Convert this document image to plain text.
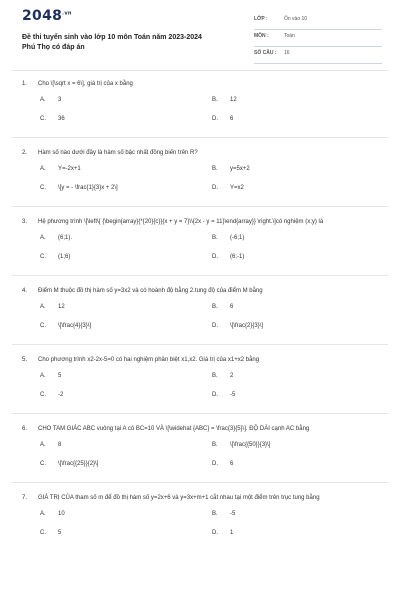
$2048^{.vn}$
Đề thi tuyển sinh vào lớp 10 môn Toán năm 2023-2024
Phú Thọ có đáp án
LỚP :	Ôn vào 10
MÔN :	Toán
SỐ CÂU : 16
1.	Cho \[\sqrt x = 6\], giá trị của x bằng
A.	3	B.	12
C.	36	D.	6
2.	Hàm số nào dưới đây là hàm số bậc nhất đồng biến trên R?
A.	Y=-2x+1	B.	y=5x+2
C.	\[y = - \frac{1}{3}x + 2\]	D.	Y=x2
3.	Hệ phương trình \[\left\{ {\begin{array}{*{20}{c}}{x + y = 7}\\{2x - y = 11}\end{array}} \right.\]có nghiệm (x;y) là
A.	(6;1).	B.	(-6;1)
C.	(1;6)	D.	(6;-1)
4.	Điểm M thuộc đồ thị hàm số y=3x2 và có hoành độ bằng 2.tung độ của điểm M bằng
A.	12	B.	6
C.	\[\frac{4}{3}\]	D.	\[\frac{2}{3}\]
5.	Cho phương trình x2-2x-5=0 có hai nghiệm phân biệt x1,x2. Giá trị của x1+x2 bằng
A.	5	B.	2
C.	-2	D.	-5
6.	CHO TAM GIÁC ABC vuông tại A có BC=10 VÀ \[\widehat {ABC} = \frac{3}{5}\]. ĐỘ DÀI cạnh AC bằng
A.	8	B.	\[\frac{{50}}{3}\]
C.	\[\frac{{25}}{2}\]	D.	6
7.	GIÁ TRỊ CỦA tham số m để đồ thị hàm số y=2x+6 và y=3x+m+1 cắt nhau tại một điểm trên trục tung bằng
A.	10	B.	-5
C.	5	D.	1
